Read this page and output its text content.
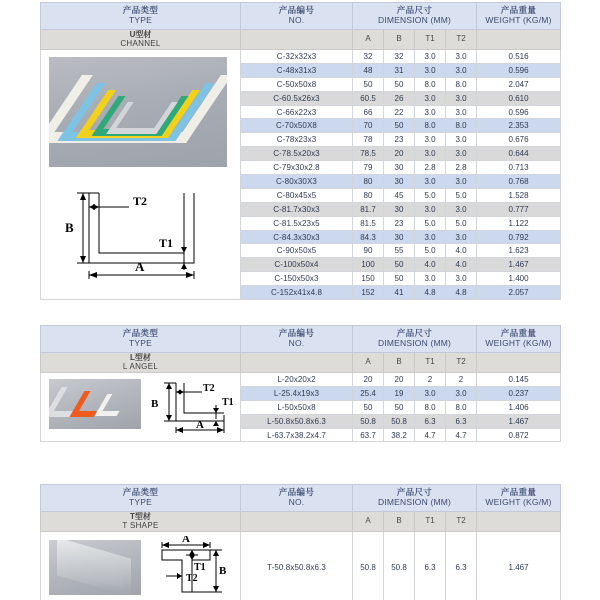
产品类型
TYPE	产品编号
NO.	产品尺寸
DIMENSION (MM)				产品重量
WEIGHT (KG/M)

U型材
CHANNEL		A	B	T1	T2	

B
A
T2
T1	C-32x32x3	32	32	3.0	3.0	0.516
	C-48x31x3	48	31	3.0	3.0	0.596
	C-50x50x8	50	50	8.0	8.0	2.047
	C-60.5x26x3	60.5	26	3.0	3.0	0.610
	C-66x22x3	66	22	3.0	3.0	0.596
	C-70x50X8	70	50	8.0	8.0	2.353
	C-78x23x3	78	23	3.0	3.0	0.676
	C-78.5x20x3	78.5	20	3.0	3.0	0.644
	C-79x30x2.8	79	30	2.8	2.8	0.713
	C-80x30X3	80	30	3.0	3.0	0.768
	C-80x45x5	80	45	5.0	5.0	1.528
	C-81.7x30x3	81.7	30	3.0	3.0	0.777
	C-81.5x23x5	81.5	23	5.0	5.0	1.122
	C-84.3x30x3	84.3	30	3.0	3.0	0.792
	C-90x50x5	90	55	5.0	4.0	1.623
	C-100x50x4	100	50	4.0	4.0	1.467
	C-150x50x3	150	50	3.0	3.0	1.400
	C-152x41x4.8	152	41	4.8	4.8	2.057
产品类型
TYPE	产品编号
NO.	产品尺寸
DIMENSION (MM)				产品重量
WEIGHT (KG/M)

L型材
L ANGEL		A	B	T1	T2	

B
A
T2
T1	L-20x20x2	20	20	2	2	0.145
	L-25.4x19x3	25.4	19	3.0	3.0	0.237
	L-50x50x8	50	50	8.0	8.0	1.406
	L-50.8x50.8x6.3	50.8	50.8	6.3	6.3	1.467
	L-63.7x38.2x4.7	63.7	38.2	4.7	4.7	0.872
产品类型
TYPE	产品编号
NO.	产品尺寸
DIMENSION (MM)				产品重量
WEIGHT (KG/M)

T型材
T SHAPE		A	B	T1	T2	

A
B
T1
T2	T-50.8x50.8x6.3	50.8	50.8	6.3	6.3	1.467
